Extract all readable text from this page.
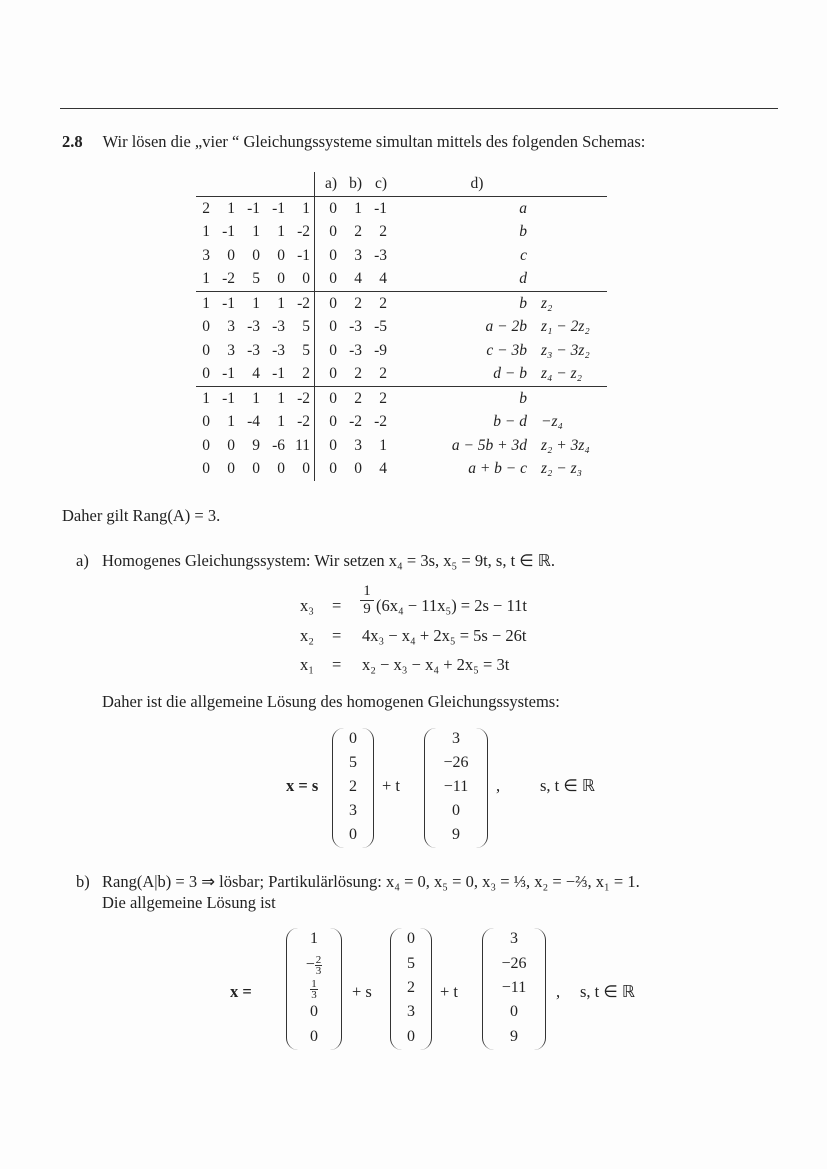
2.8 Wir lösen die „vier “ Gleichungssysteme simultan mittels des folgenden Schemas:
					a)	b)	c)	d)	
2	1	-1	-1	1	0	1	-1	a	
1	-1	1	1	-2	0	2	2	b	
3	0	0	0	-1	0	3	-3	c	
1	-2	5	0	0	0	4	4	d	
1	-1	1	1	-2	0	2	2	b	z₂
0	3	-3	-3	5	0	-3	-5	a − 2b	z₁ − 2z₂
0	3	-3	-3	5	0	-3	-9	c − 3b	z₃ − 3z₂
0	-1	4	-1	2	0	2	2	d − b	z₄ − z₂
1	-1	1	1	-2	0	2	2	b	
0	1	-4	1	-2	0	-2	-2	b − d	−z₄
0	0	9	-6	11	0	3	1	a − 5b + 3d	z₂ + 3z₄
0	0	0	0	0	0	0	4	a + b − c	z₂ − z₃
Daher gilt Rang(A) = 3.
a) Homogenes Gleichungssystem: Wir setzen x₄ = 3s, x₅ = 9t, s, t ∈ ℝ.
$x_3 = \frac{1}{9} (6x_4 - 11x_5) = 2s - 11t$
x₂ = 4x₃ − x₄ + 2x₅ = 5s − 26t
x₁ = x₂ − x₃ − x₄ + 2x₅ = 3t
Daher ist die allgemeine Lösung des homogenen Gleichungssystems:
x = s
0
5
2
3
0
+ t
3
−26
−11
0
9
, s, t ∈ ℝ
b) Rang(A|b) = 3 ⇒ lösbar; Partikulärlösung: x₄ = 0, x₅ = 0, x₃ = ⅓, x₂ = −⅔, x₁ = 1.
Die allgemeine Lösung ist
x =
1
− $\frac{2}{3}$
$\frac{1}{3}$
0
0
+ s
0
5
2
3
0
+ t
3
−26
−11
0
9
, s, t ∈ ℝ
